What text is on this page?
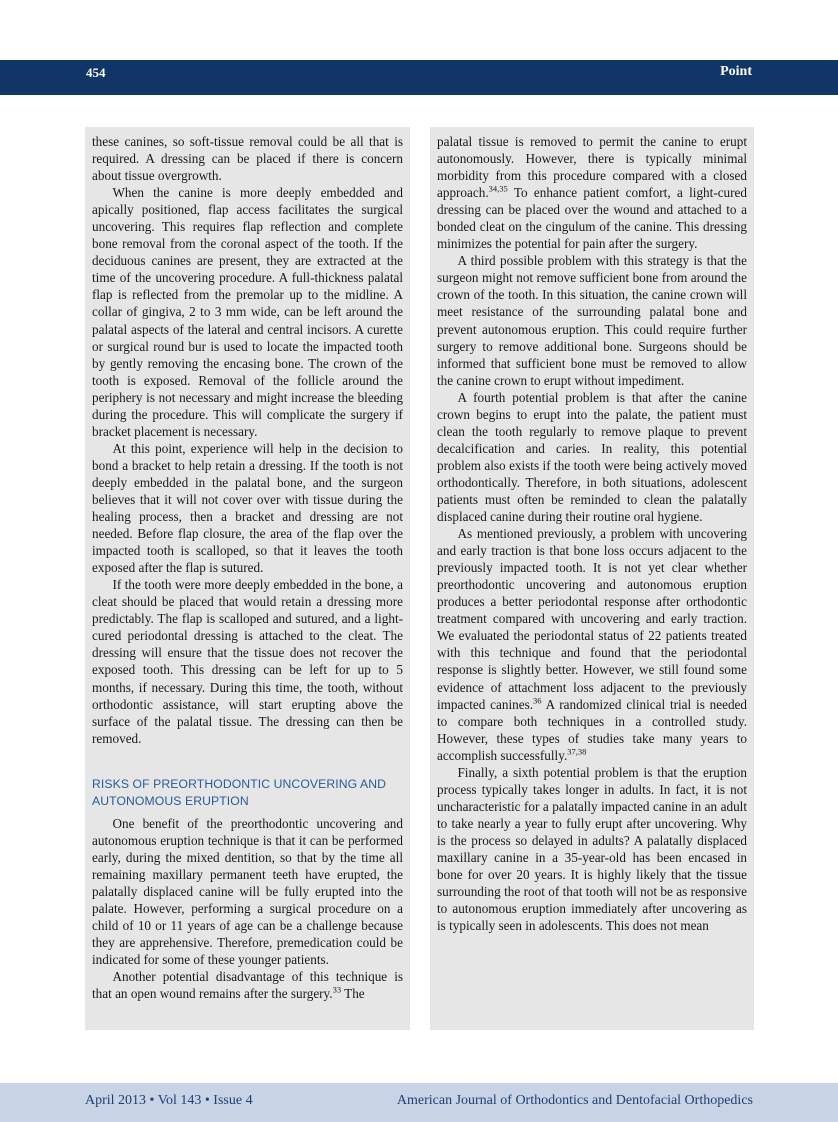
454	Point

these canines, so soft-tissue removal could be all that is required. A dressing can be placed if there is concern about tissue overgrowth.

When the canine is more deeply embedded and apically positioned, flap access facilitates the surgical uncovering. This requires flap reflection and complete bone removal from the coronal aspect of the tooth. If the deciduous canines are present, they are extracted at the time of the uncovering procedure. A full-thickness palatal flap is reflected from the premolar up to the midline. A collar of gingiva, 2 to 3 mm wide, can be left around the palatal aspects of the lateral and central incisors. A curette or surgical round bur is used to locate the impacted tooth by gently removing the encasing bone. The crown of the tooth is exposed. Removal of the follicle around the periphery is not necessary and might increase the bleeding during the procedure. This will complicate the surgery if bracket placement is necessary.

At this point, experience will help in the decision to bond a bracket to help retain a dressing. If the tooth is not deeply embedded in the palatal bone, and the surgeon believes that it will not cover over with tissue during the healing process, then a bracket and dressing are not needed. Before flap closure, the area of the flap over the impacted tooth is scalloped, so that it leaves the tooth exposed after the flap is sutured.

If the tooth were more deeply embedded in the bone, a cleat should be placed that would retain a dressing more predictably. The flap is scalloped and sutured, and a light-cured periodontal dressing is attached to the cleat. The dressing will ensure that the tissue does not recover the exposed tooth. This dressing can be left for up to 5 months, if necessary. During this time, the tooth, without orthodontic assistance, will start erupting above the surface of the palatal tissue. The dressing can then be removed.

RISKS OF PREORTHODONTIC UNCOVERING AND AUTONOMOUS ERUPTION

One benefit of the preorthodontic uncovering and autonomous eruption technique is that it can be performed early, during the mixed dentition, so that by the time all remaining maxillary permanent teeth have erupted, the palatally displaced canine will be fully erupted into the palate. However, performing a surgical procedure on a child of 10 or 11 years of age can be a challenge because they are apprehensive. Therefore, premedication could be indicated for some of these younger patients.

Another potential disadvantage of this technique is that an open wound remains after the surgery.$^{33}$ The

palatal tissue is removed to permit the canine to erupt autonomously. However, there is typically minimal morbidity from this procedure compared with a closed approach.$^{34,35}$ To enhance patient comfort, a light-cured dressing can be placed over the wound and attached to a bonded cleat on the cingulum of the canine. This dressing minimizes the potential for pain after the surgery.

A third possible problem with this strategy is that the surgeon might not remove sufficient bone from around the crown of the tooth. In this situation, the canine crown will meet resistance of the surrounding palatal bone and prevent autonomous eruption. This could require further surgery to remove additional bone. Surgeons should be informed that sufficient bone must be removed to allow the canine crown to erupt without impediment.

A fourth potential problem is that after the canine crown begins to erupt into the palate, the patient must clean the tooth regularly to remove plaque to prevent decalcification and caries. In reality, this potential problem also exists if the tooth were being actively moved orthodontically. Therefore, in both situations, adolescent patients must often be reminded to clean the palatally displaced canine during their routine oral hygiene.

As mentioned previously, a problem with uncovering and early traction is that bone loss occurs adjacent to the previously impacted tooth. It is not yet clear whether preorthodontic uncovering and autonomous eruption produces a better periodontal response after orthodontic treatment compared with uncovering and early traction. We evaluated the periodontal status of 22 patients treated with this technique and found that the periodontal response is slightly better. However, we still found some evidence of attachment loss adjacent to the previously impacted canines.$^{36}$ A randomized clinical trial is needed to compare both techniques in a controlled study. However, these types of studies take many years to accomplish successfully.$^{37,38}$

Finally, a sixth potential problem is that the eruption process typically takes longer in adults. In fact, it is not uncharacteristic for a palatally impacted canine in an adult to take nearly a year to fully erupt after uncovering. Why is the process so delayed in adults? A palatally displaced maxillary canine in a 35-year-old has been encased in bone for over 20 years. It is highly likely that the tissue surrounding the root of that tooth will not be as responsive to autonomous eruption immediately after uncovering as is typically seen in adolescents. This does not mean

April 2013 • Vol 143 • Issue 4	American Journal of Orthodontics and Dentofacial Orthopedics
